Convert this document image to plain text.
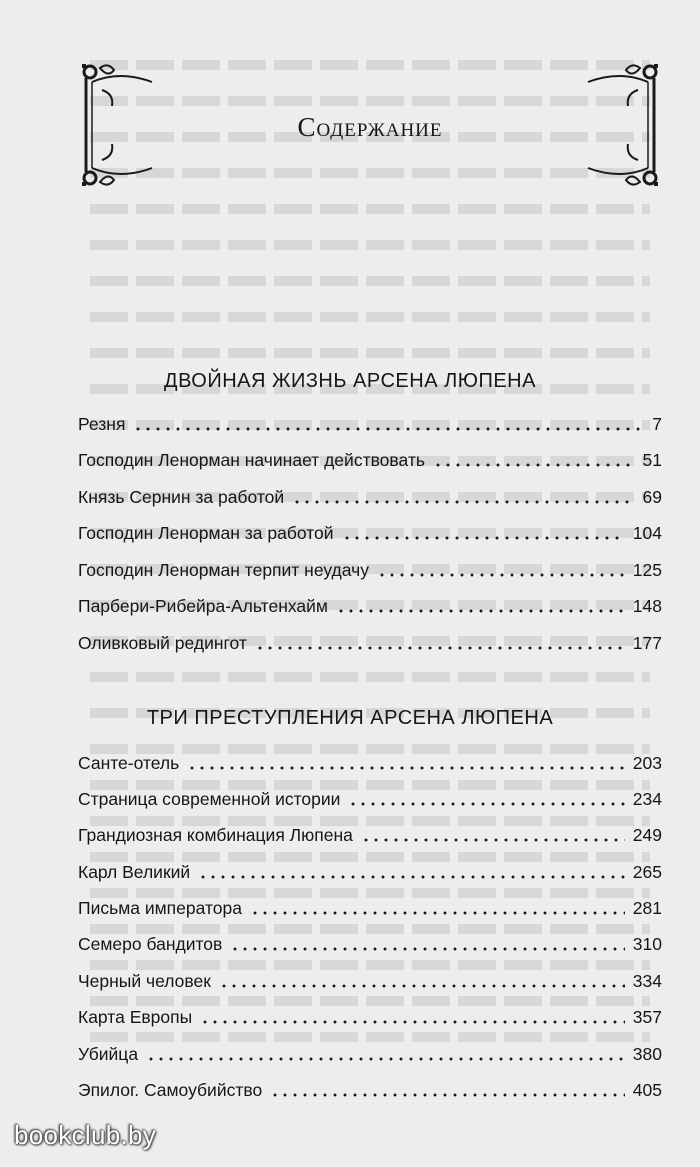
Содержание
ДВОЙНАЯ ЖИЗНЬ АРСЕНА ЛЮПЕНА
Резня	7
Господин Ленорман начинает действовать	51
Князь Сернин за работой	69
Господин Ленорман за работой	104
Господин Ленорман терпит неудачу	125
Парбери-Рибейра-Альтенхайм	148
Оливковый редингот	177
ТРИ ПРЕСТУПЛЕНИЯ АРСЕНА ЛЮПЕНА
Санте-отель	203
Страница современной истории	234
Грандиозная комбинация Люпена	249
Карл Великий	265
Письма императора	281
Семеро бандитов	310
Черный человек	334
Карта Европы	357
Убийца	380
Эпилог. Самоубийство	405
bookclub.by
